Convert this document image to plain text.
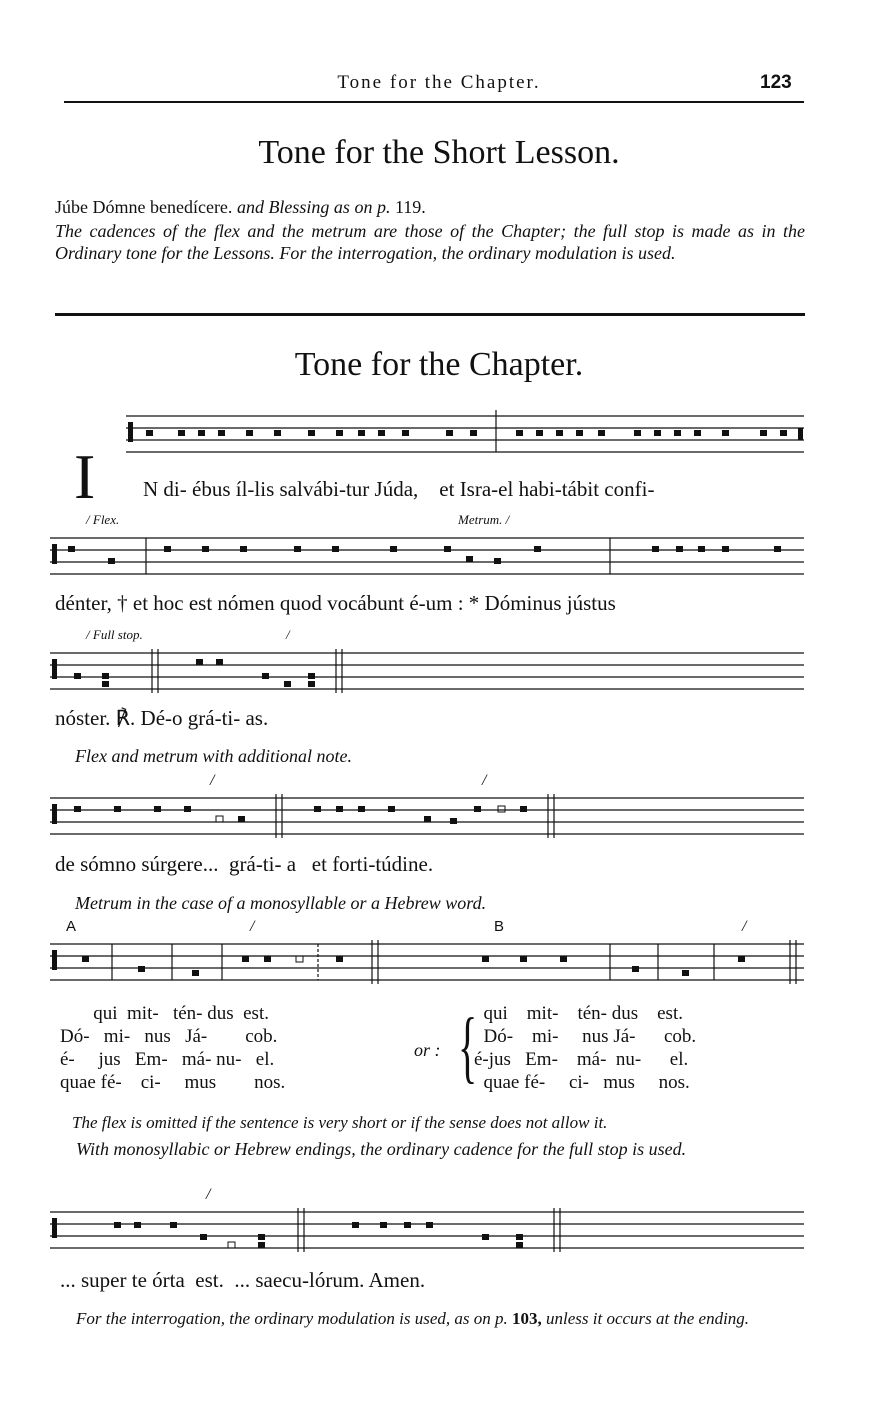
Tone for the Chapter.	123
Tone for the Short Lesson.
Júbe Dómne benedícere. and Blessing as on p. 119.
The cadences of the flex and the metrum are those of the Chapter; the full stop is made as in the Ordinary tone for the Lessons. For the interrogation, the ordinary modulation is used.
Tone for the Chapter.
I N di- ébus íl-lis salvábi-tur Júda,    et Isra-el habi-tábit confi-
/ Flex.	Metrum. /
dénter, † et hoc est nómen quod vocábunt é-um : * Dóminus jústus
/ Full stop.	/
nóster. ℟. Dé-o grá-ti- as.
Flex and metrum with additional note.
/	/
de sómno súrgere...  grá-ti- a   et forti-túdine.
Metrum in the case of a monosyllable or a Hebrew word.
A	B
/	/
qui  mit-   tén- dus  est.
Dó-   mi-   nus   Já-        cob.
é-     jus   Em-   má- nu-   el.
quae fé-    ci-     mus        nos.
or : { qui    mit-    tén- dus    est.
Dó-    mi-     nus Já-      cob.
é-jus   Em-    má-  nu-      el.
quae fé-     ci-   mus     nos.
The flex is omitted if the sentence is very short or if the sense does not allow it.
With monosyllabic or Hebrew endings, the ordinary cadence for the full stop is used.
/
... super te órta  est.  ... saecu-lórum. Amen.
For the interrogation, the ordinary modulation is used, as on p. 103, unless it occurs at the ending.
